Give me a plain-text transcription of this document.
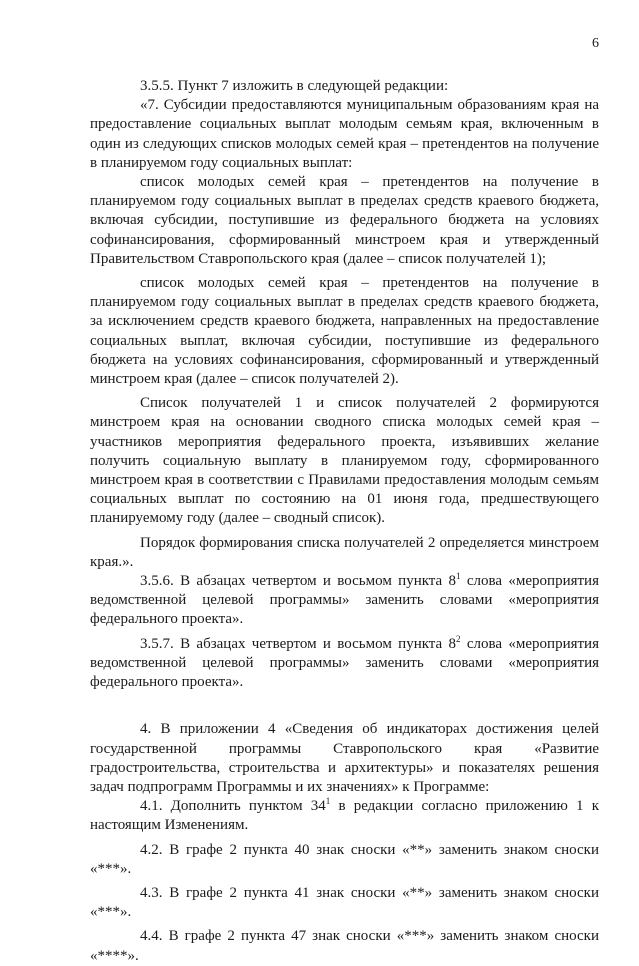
6

3.5.5. Пункт 7 изложить в следующей редакции:

«7. Субсидии предоставляются муниципальным образованиям края на предоставление социальных выплат молодым семьям края, включенным в один из следующих списков молодых семей края – претендентов на получение в планируемом году социальных выплат:

список молодых семей края – претендентов на получение в планируемом году социальных выплат в пределах средств краевого бюджета, включая субсидии, поступившие из федерального бюджета на условиях софинансирования, сформированный минстроем края и утвержденный Правительством Ставропольского края (далее – список получателей 1);

список молодых семей края – претендентов на получение в планируемом году социальных выплат в пределах средств краевого бюджета, за исключением средств краевого бюджета, направленных на предоставление социальных выплат, включая субсидии, поступившие из федерального бюджета на условиях софинансирования, сформированный и утвержденный минстроем края (далее – список получателей 2).

Список получателей 1 и список получателей 2 формируются минстроем края на основании сводного списка молодых семей края – участников мероприятия федерального проекта, изъявивших желание получить социальную выплату в планируемом году, сформированного минстроем края в соответствии с Правилами предоставления молодым семьям социальных выплат по состоянию на 01 июня года, предшествующего планируемому году (далее – сводный список).

Порядок формирования списка получателей 2 определяется минстроем края.».

3.5.6. В абзацах четвертом и восьмом пункта $8^1$ слова «мероприятия ведомственной целевой программы» заменить словами «мероприятия федерального проекта».

3.5.7. В абзацах четвертом и восьмом пункта $8^2$ слова «мероприятия ведомственной целевой программы» заменить словами «мероприятия федерального проекта».

4. В приложении 4 «Сведения об индикаторах достижения целей государственной программы Ставропольского края «Развитие градостроительства, строительства и архитектуры» и показателях решения задач подпрограмм Программы и их значениях» к Программе:

4.1. Дополнить пунктом $34^1$ в редакции согласно приложению 1 к настоящим Изменениям.

4.2. В графе 2 пункта 40 знак сноски «**» заменить знаком сноски «***».

4.3. В графе 2 пункта 41 знак сноски «**» заменить знаком сноски «***».

4.4. В графе 2 пункта 47 знак сноски «***» заменить знаком сноски «****».
